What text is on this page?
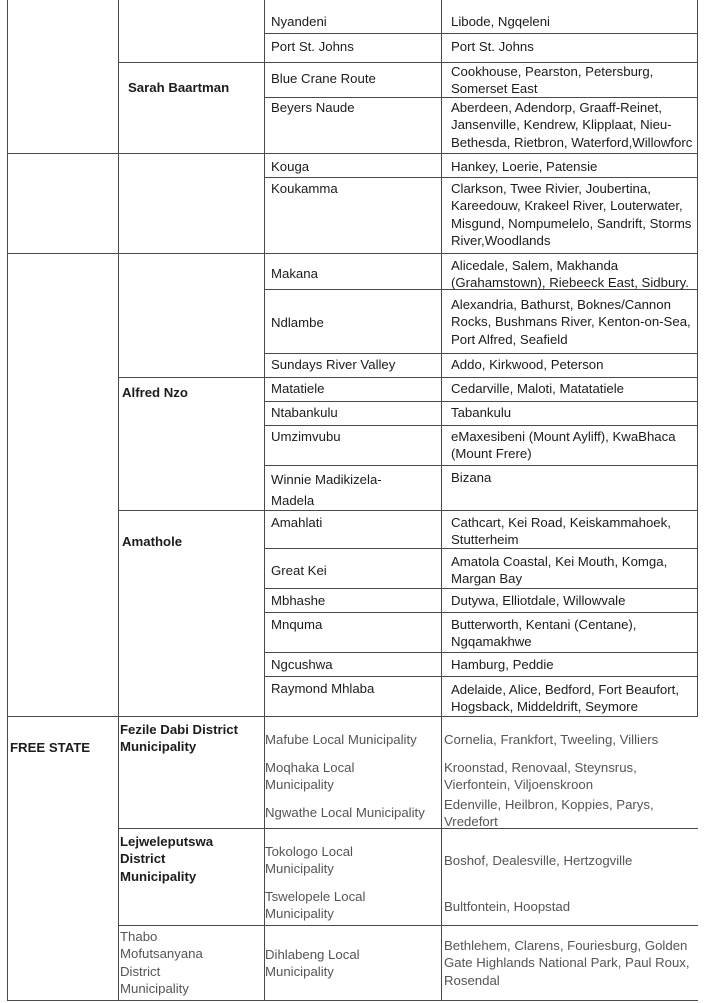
FREE STATE
Sarah Baartman
Alfred Nzo
Amathole
Fezile Dabi District Municipality
Lejweleputswa District Municipality
Thabo Mofutsanyana District Municipality
Nyandeni
Port St. Johns
Blue Crane Route
Beyers Naude
Kouga
Koukamma
Makana
Ndlambe
Sundays River Valley
Matatiele
Ntabankulu
Umzimvubu
Winnie Madikizela-Madela
Amahlati
Great Kei
Mbhashe
Mnquma
Ngcushwa
Raymond Mhlaba
Mafube Local Municipality
Moqhaka Local Municipality
Ngwathe Local Municipality
Tokologo Local Municipality
Tswelopele Local Municipality
Dihlabeng Local Municipality
Libode, Ngqeleni
Port St. Johns
Cookhouse, Pearston, Petersburg, Somerset East
Aberdeen, Adendorp, Graaff-Reinet, Jansenville, Kendrew, Klipplaat, Nieu-Bethesda, Rietbron, Waterford,Willowforc
Hankey, Loerie, Patensie
Clarkson, Twee Rivier, Joubertina, Kareedouw, Krakeel River, Louterwater, Misgund, Nompumelelo, Sandrift, Storms River,Woodlands
Alicedale, Salem, Makhanda (Grahamstown), Riebeeck East, Sidbury.
Alexandria, Bathurst, Boknes/Cannon Rocks, Bushmans River, Kenton-on-Sea, Port Alfred, Seafield
Addo, Kirkwood, Peterson
Cedarville, Maloti, Matatatiele
Tabankulu
eMaxesibeni (Mount Ayliff), KwaBhaca (Mount Frere)
Bizana
Cathcart, Kei Road, Keiskammahoek, Stutterheim
Amatola Coastal, Kei Mouth, Komga, Margan Bay
Dutywa, Elliotdale, Willowvale
Butterworth, Kentani (Centane), Ngqamakhwe
Hamburg, Peddie
Adelaide, Alice, Bedford, Fort Beaufort, Hogsback, Middeldrift, Seymore
Cornelia, Frankfort, Tweeling, Villiers
Kroonstad, Renovaal, Steynsrus, Vierfontein, Viljoenskroon
Edenville, Heilbron, Koppies, Parys, Vredefort
Boshof, Dealesville, Hertzogville
Bultfontein, Hoopstad
Bethlehem, Clarens, Fouriesburg, Golden Gate Highlands National Park, Paul Roux, Rosendal
